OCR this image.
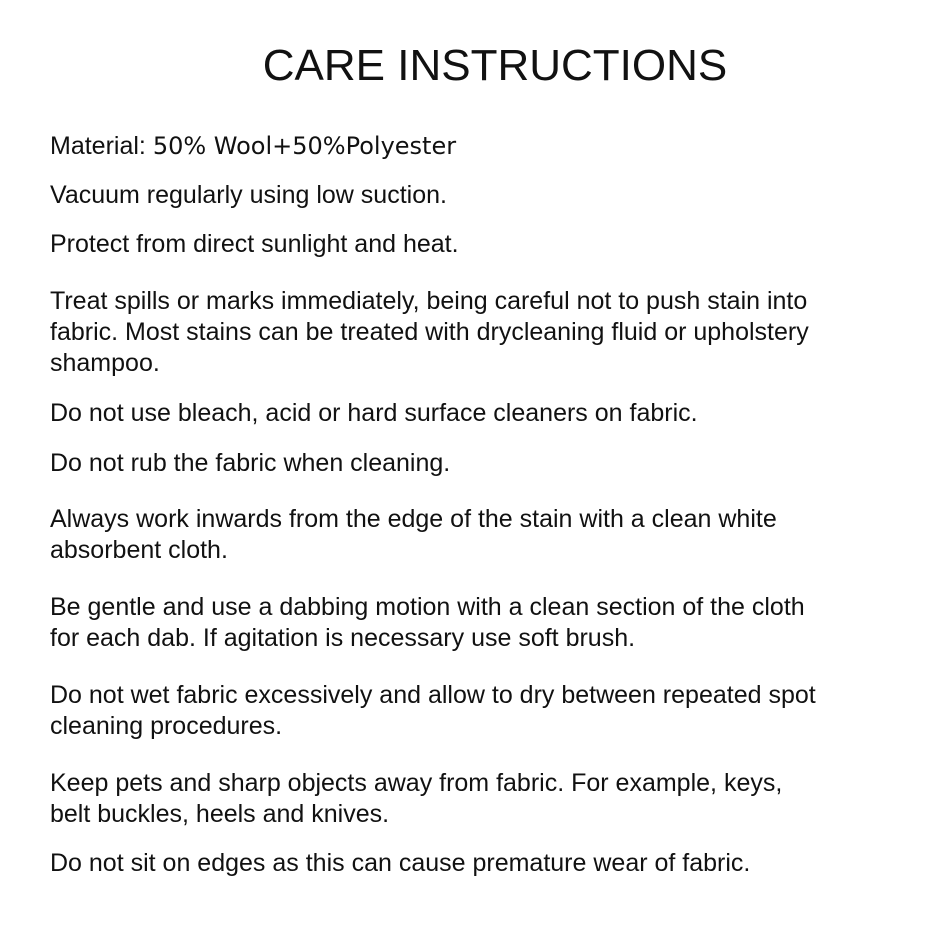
CARE INSTRUCTIONS

Material: 50% Wool+50%Polyester

Vacuum regularly using low suction.

Protect from direct sunlight and heat.

Treat spills or marks immediately, being careful not to push stain into
fabric. Most stains can be treated with drycleaning fluid or upholstery
shampoo.

Do not use bleach, acid or hard surface cleaners on fabric.

Do not rub the fabric when cleaning.

Always work inwards from the edge of the stain with a clean white
absorbent cloth.

Be gentle and use a dabbing motion with a clean section of the cloth
for each dab. If agitation is necessary use soft brush.

Do not wet fabric excessively and allow to dry between repeated spot
cleaning procedures.

Keep pets and sharp objects away from fabric. For example, keys,
belt buckles, heels and knives.

Do not sit on edges as this can cause premature wear of fabric.
